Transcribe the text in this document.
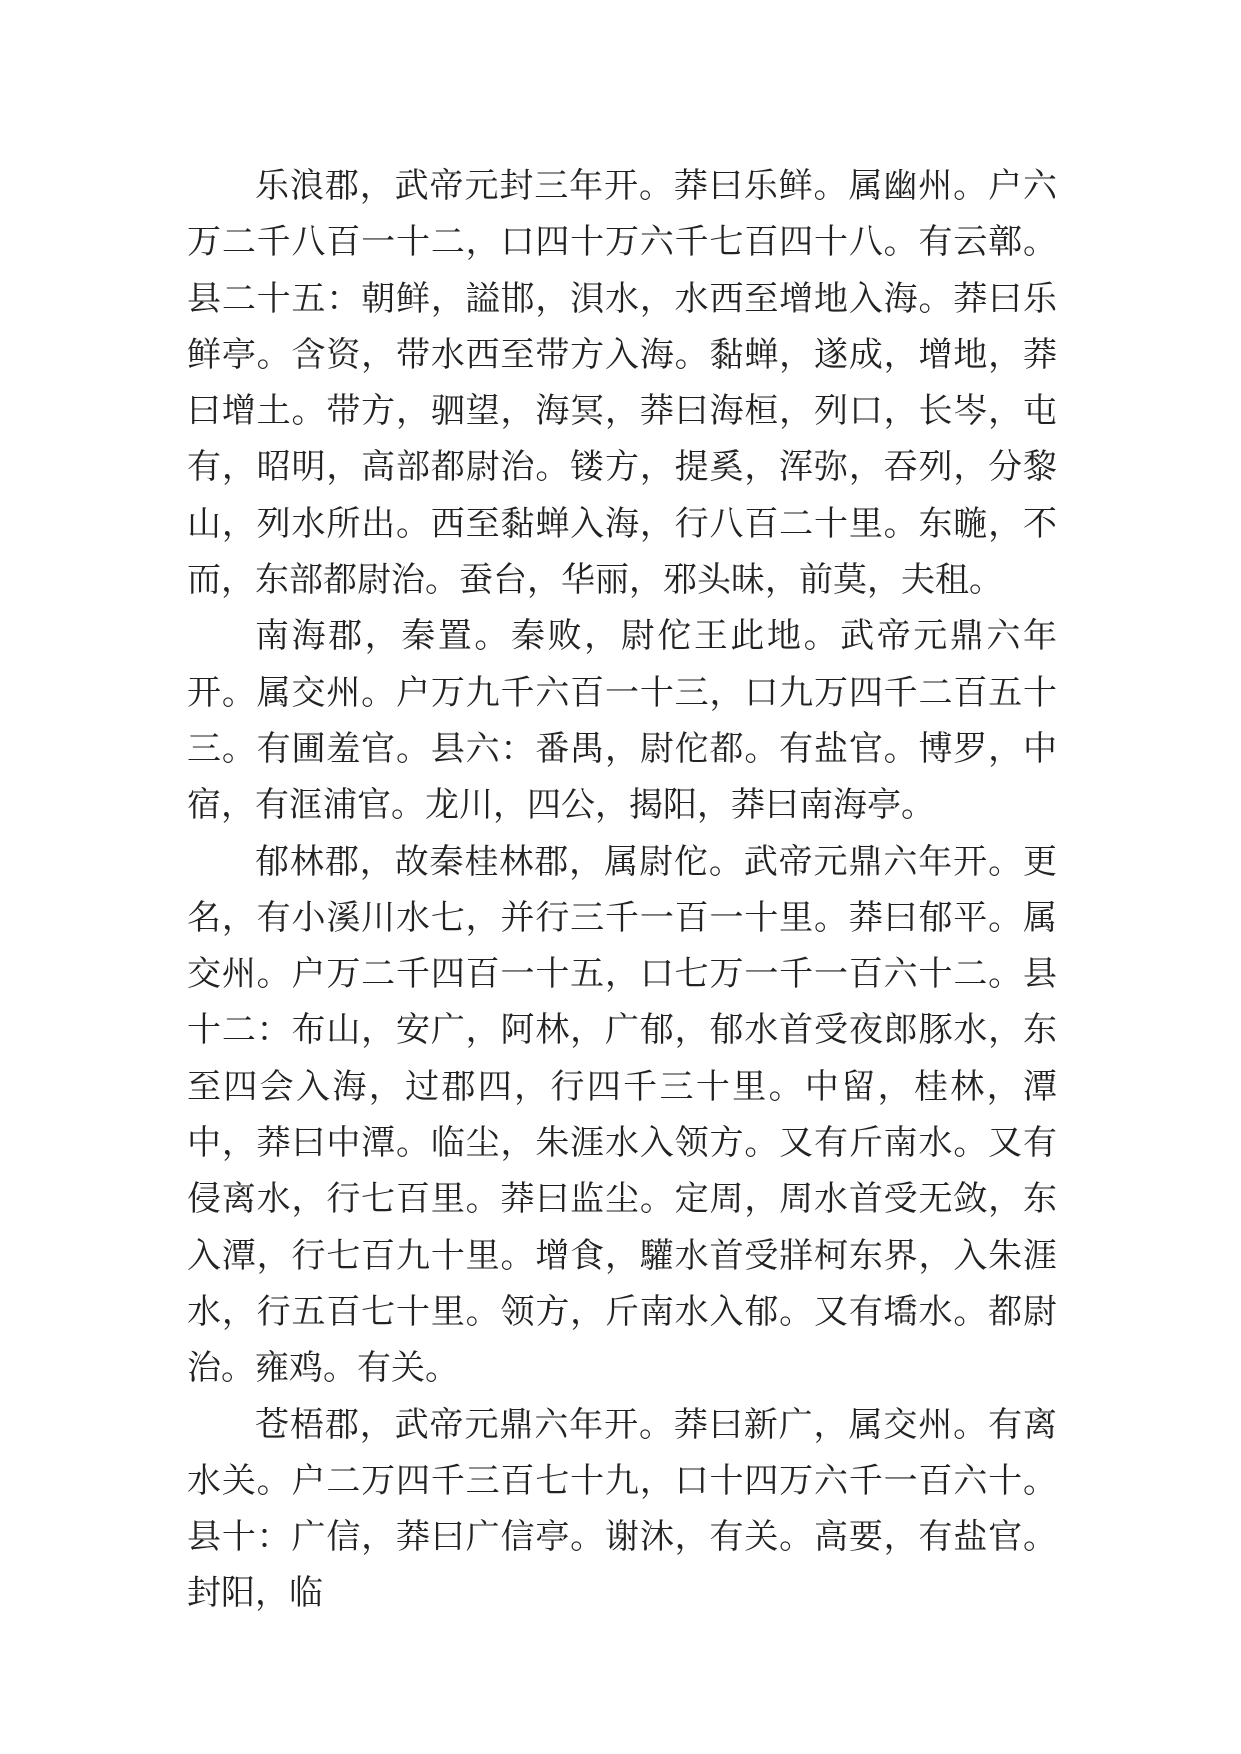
乐浪郡，武帝元封三年开。莽曰乐鲜。属幽州。户六万二千八百一十二，口四十万六千七百四十八。有云鄣。县二十五：朝鲜，謚邯，浿水，水西至增地入海。莽曰乐鲜亭。含资，带水西至带方入海。黏蝉，遂成，增地，莽曰增土。带方，驷望，海冥，莽曰海桓，列口，长岑，屯有，昭明，高部都尉治。镂方，提奚，浑弥，吞列，分黎山，列水所出。西至黏蝉入海，行八百二十里。东暆，不而，东部都尉治。蚕台，华丽，邪头昧，前莫，夫租。

南海郡，秦置。秦败，尉佗王此地。武帝元鼎六年开。属交州。户万九千六百一十三，口九万四千二百五十三。有圃羞官。县六：番禺，尉佗都。有盐官。博罗，中宿，有洭浦官。龙川，四公，揭阳，莽曰南海亭。

郁林郡，故秦桂林郡，属尉佗。武帝元鼎六年开。更名，有小溪川水七，并行三千一百一十里。莽曰郁平。属交州。户万二千四百一十五，口七万一千一百六十二。县十二：布山，安广，阿林，广郁，郁水首受夜郎豚水，东至四会入海，过郡四，行四千三十里。中留，桂林，潭中，莽曰中潭。临尘，朱涯水入领方。又有斤南水。又有侵离水，行七百里。莽曰监尘。定周，周水首受无敛，东入潭，行七百九十里。增食，驩水首受牂柯东界，入朱涯水，行五百七十里。领方，斤南水入郁。又有墧水。都尉治。雍鸡。有关。

苍梧郡，武帝元鼎六年开。莽曰新广，属交州。有离水关。户二万四千三百七十九，口十四万六千一百六十。县十：广信，莽曰广信亭。谢沐，有关。高要，有盐官。封阳，临
